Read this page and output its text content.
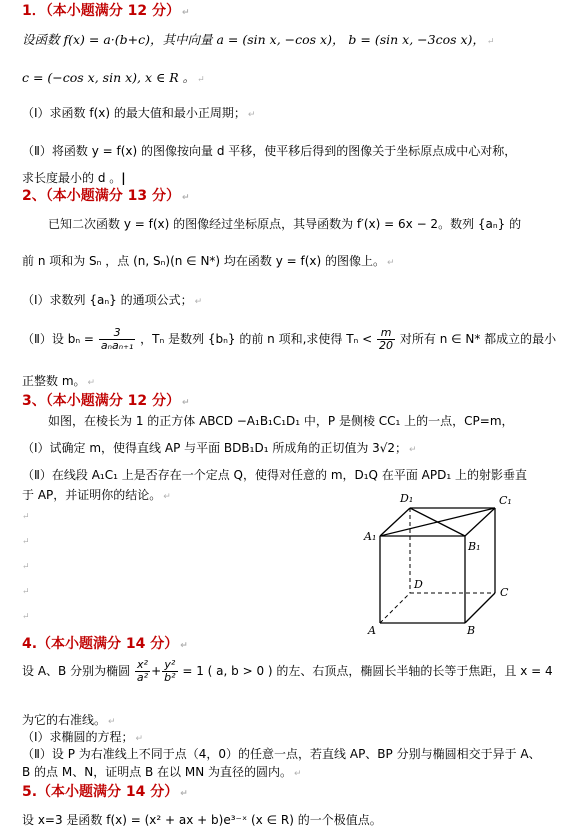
1．（本小题满分 12 分） ↵
设函数 f(x) = a·(b+c)，其中向量 a = (sin x, −cos x)， b = (sin x, −3cos x)， ↵
c = (−cos x, sin x), x ∈ R 。 ↵
（Ⅰ）求函数 f(x) 的最大值和最小正周期； ↵
（Ⅱ）将函数 y = f(x) 的图像按向量 d 平移，使平移后得到的图像关于坐标原点成中心对称，
求长度最小的 d 。|
2、（本小题满分 13 分） ↵
已知二次函数 y = f(x) 的图像经过坐标原点，其导函数为 f′(x) = 6x − 2。数列 {aₙ} 的
前 n 项和为 Sₙ ，点 (n, Sₙ)(n ∈ N*) 均在函数 y = f(x) 的图像上。 ↵
（Ⅰ）求数列 {aₙ} 的通项公式； ↵
（Ⅱ）设 $b_n = \frac{3}{\text{aₙaₙ₊₁}}$ ，Tₙ 是数列 {bₙ} 的前 n 项和,求使得 $T_n < \frac{m}{20}$ 对所有 n ∈ N* 都成立的最小
正整数 m。 ↵
3、（本小题满分 12 分） ↵
如图，在棱长为 1 的正方体 ABCD −A₁B₁C₁D₁ 中，P 是侧棱 CC₁ 上的一点，CP=m，
（Ⅰ）试确定 m，使得直线 AP 与平面 BDB₁D₁ 所成角的正切值为 3√2； ↵
（Ⅱ）在线段 A₁C₁ 上是否存在一个定点 Q，使得对任意的 m，D₁Q 在平面 APD₁ 上的射影垂直
于 AP，并证明你的结论。 ↵
↵
↵
↵
↵
↵
D₁	C₁
A₁
B₁
D
C
A	B
4.（本小题满分 14 分） ↵
设 A、B 分别为椭圆 $\frac{\text{x²}}{\text{a²}} + \frac{\text{y²}}{\text{b²}} = 1$ ( a, b > 0 ) 的左、右顶点，椭圆长半轴的长等于焦距，且 x = 4
为它的右准线。 ↵
（Ⅰ）求椭圆的方程； ↵
（Ⅱ）设 P 为右准线上不同于点（4，0）的任意一点，若直线 AP、BP 分别与椭圆相交于异于 A、
B 的点 M、N，证明点 B 在以 MN 为直径的圆内。 ↵
5.（本小题满分 14 分） ↵
设 x=3 是函数 f(x) = (x² + ax + b)e³⁻ˣ (x ∈ R) 的一个极值点。
